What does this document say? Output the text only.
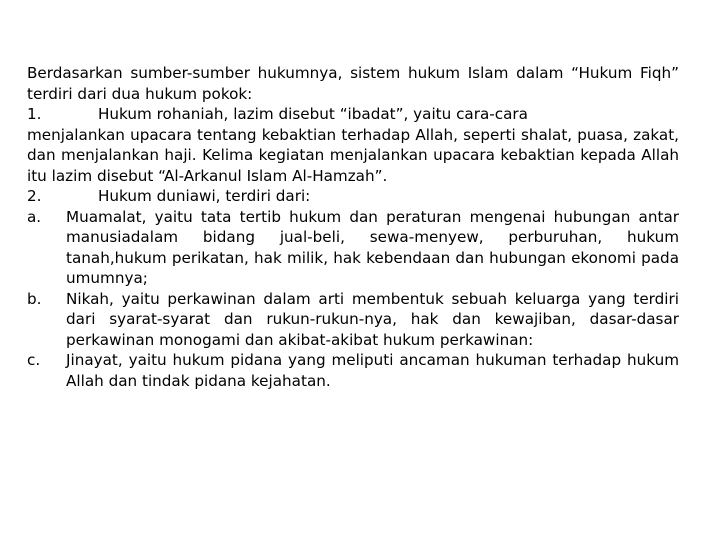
Berdasarkan sumber-sumber hukumnya, sistem hukum Islam dalam “Hukum Fiqh” terdiri dari dua hukum pokok:

1.	Hukum rohaniah, lazim disebut “ibadat”, yaitu cara-cara

menjalankan upacara tentang kebaktian terhadap Allah, seperti shalat, puasa, zakat, dan menjalankan haji. Kelima kegiatan menjalankan upacara kebaktian kepada Allah itu lazim disebut “Al-Arkanul Islam Al-Hamzah”.

2.	Hukum duniawi, terdiri dari:
a.	Muamalat, yaitu tata tertib hukum dan peraturan mengenai hubungan antar manusiadalam bidang jual-beli, sewa-menyew, perburuhan, hukum tanah,hukum perikatan, hak milik, hak kebendaan dan hubungan ekonomi pada umumnya;
b.	Nikah, yaitu perkawinan dalam arti membentuk sebuah keluarga yang terdiri dari syarat-syarat dan rukun-rukun-nya, hak dan kewajiban, dasar-dasar perkawinan monogami dan akibat-akibat hukum perkawinan:
c.	Jinayat, yaitu hukum pidana yang meliputi ancaman hukuman terhadap hukum Allah dan tindak pidana kejahatan.
